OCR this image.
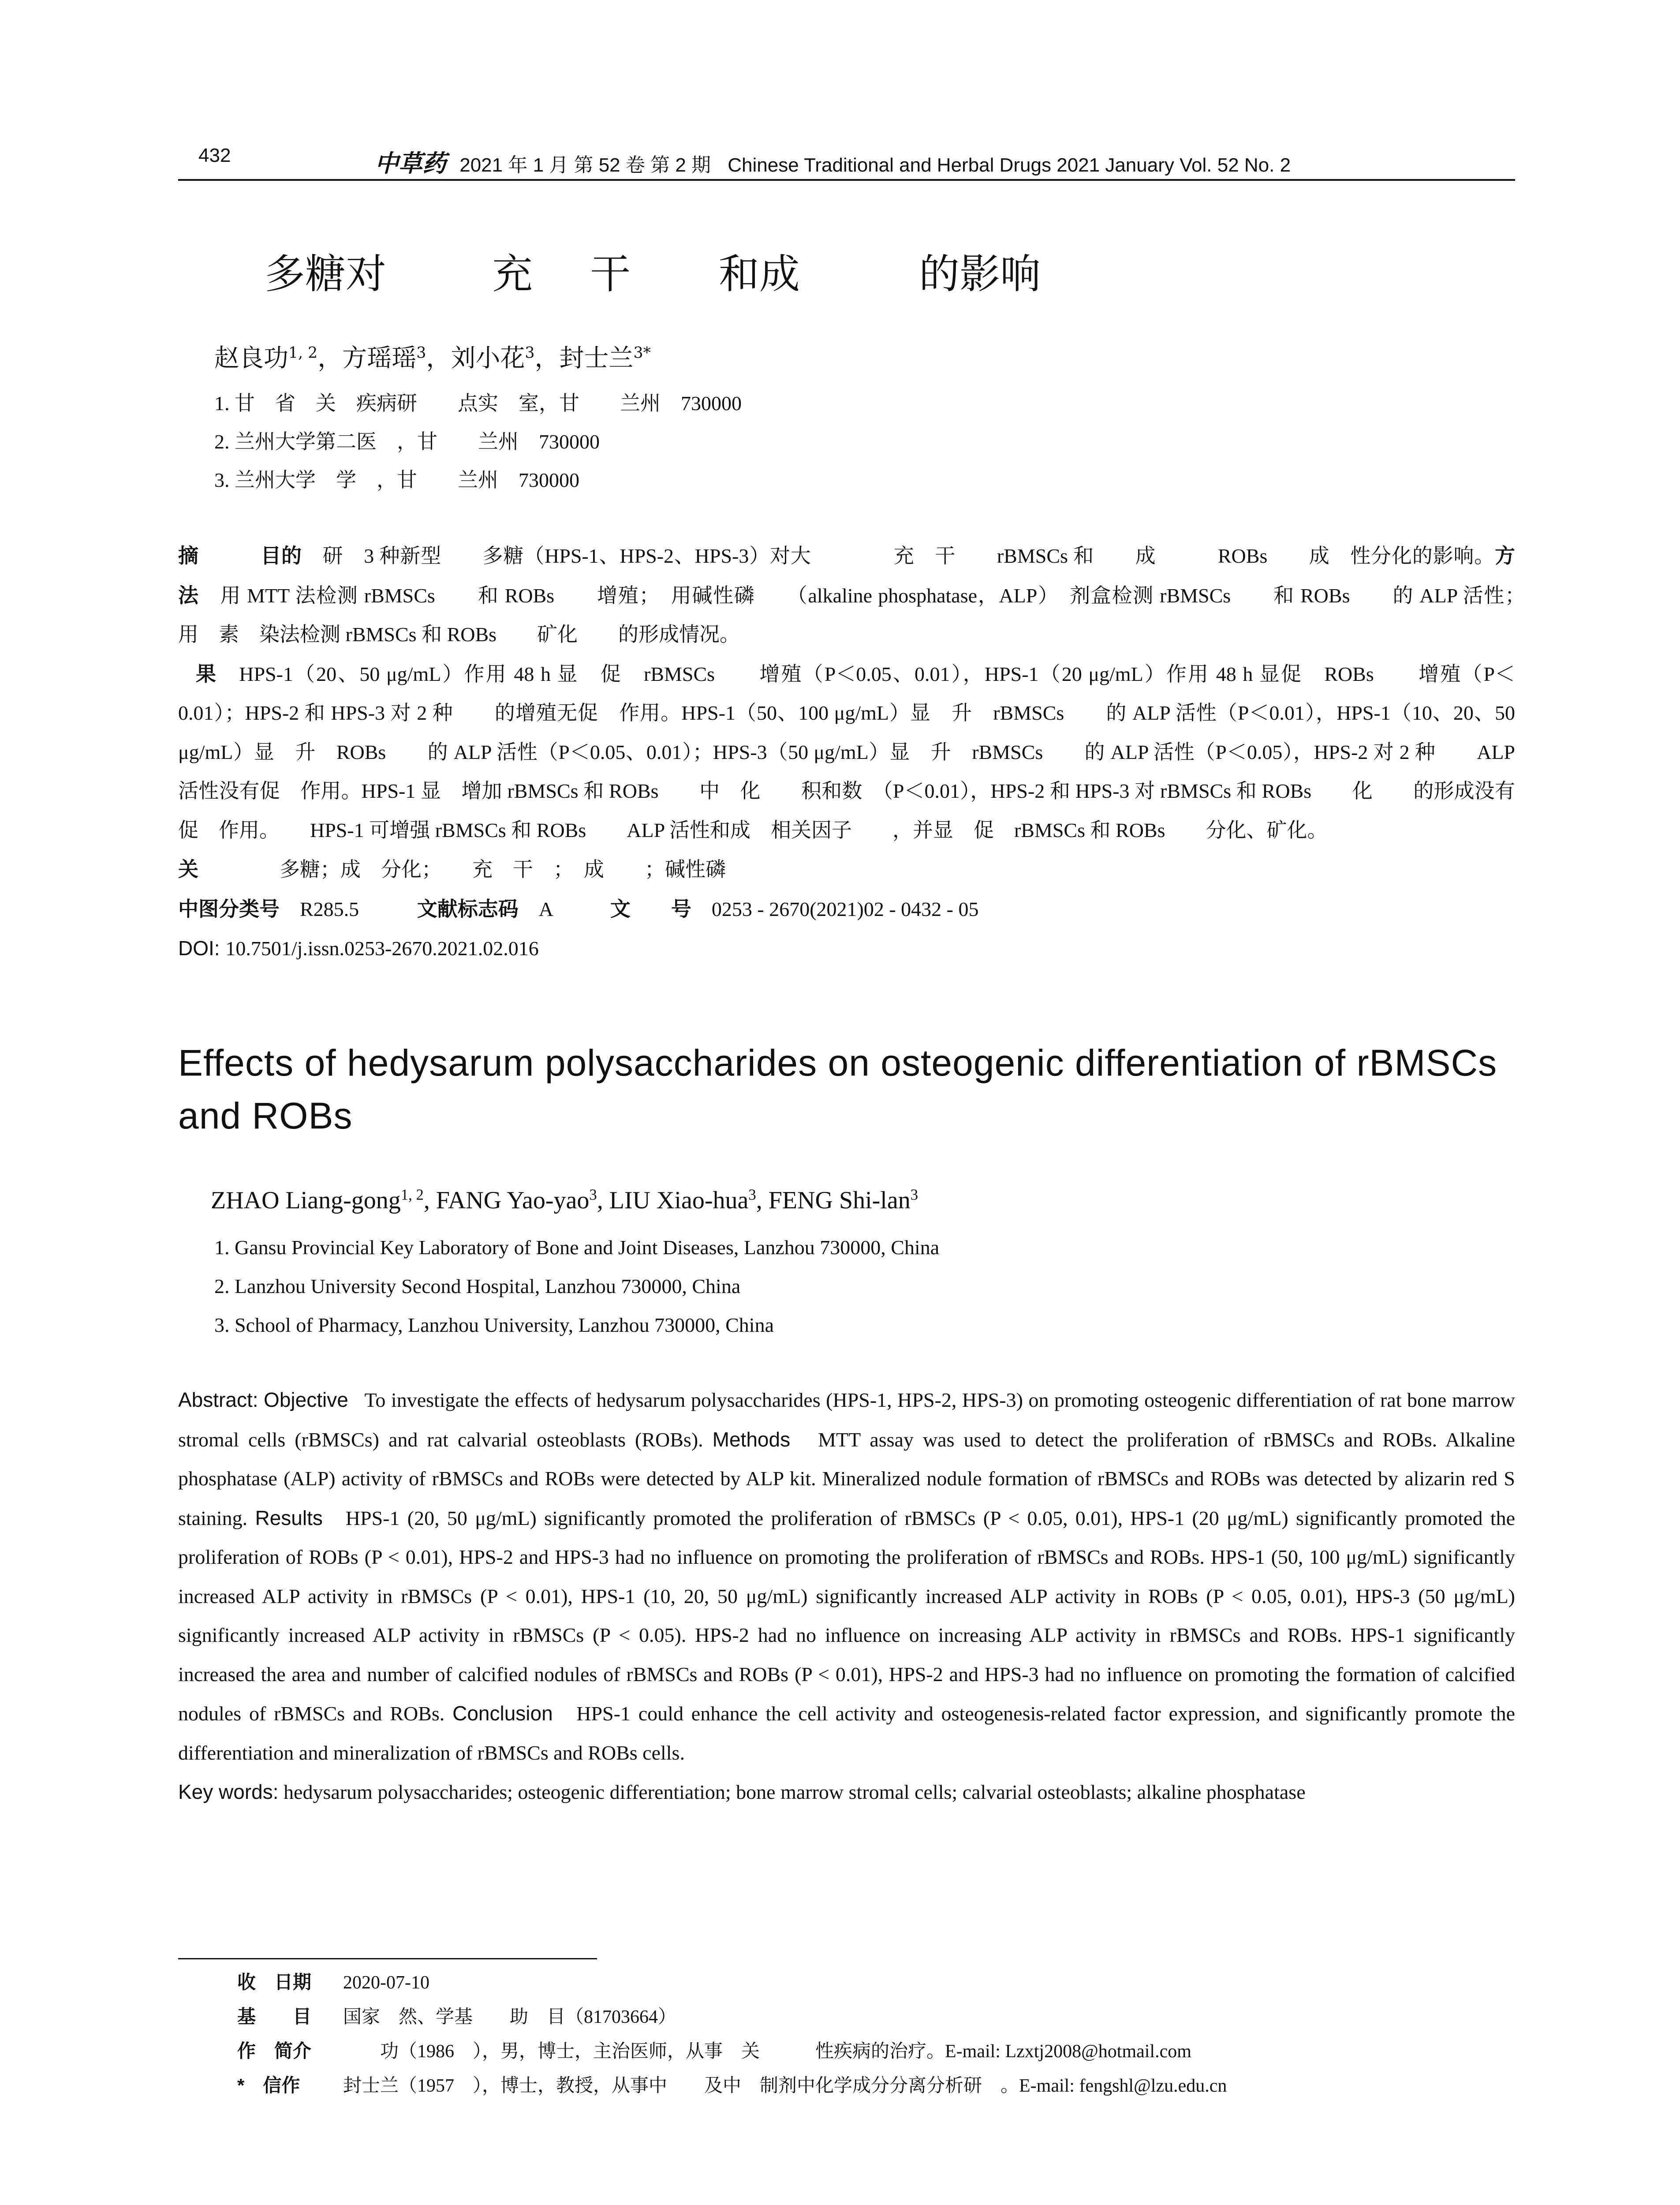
432	中草药 2021 年 1 月 第 52 卷 第 2 期 Chinese Traditional and Herbal Drugs 2021 January Vol. 52 No. 2
多糖对	充 干 和成	的影响
赵良功$^{1, 2}$，方瑶瑶$^3$，刘小花$^3$，封士兰$^{3*}$
1. 甘　省　关　疾病研　　点实　室，甘　　兰州　730000
2. 兰州大学第二医　，甘　　兰州　730000
3. 兰州大学　学　，甘　　兰州　730000
摘　　　目的　 研　3 种新型　　多糖（HPS-1、HPS-2、HPS-3）对大　　　　充　干　　rBMSCs 和　　成　　　ROBs　　成　性分化的影响。方法　用 MTT 法检测 rBMSCs　　和 ROBs　　增殖；　用碱性磷　　（alkaline phosphatase，ALP）　剂盒检测 rBMSCs　　和 ROBs　　的 ALP 活性；　用　素　染法检测 rBMSCs 和 ROBs　　矿化　　的形成情况。
果　 HPS-1（20、50 μg/mL）作用 48 h 显　促　rBMSCs　　增殖（P＜0.05、0.01），HPS-1（20 μg/mL）作用 48 h 显促　ROBs　　增殖（P＜0.01）；HPS-2 和 HPS-3 对 2 种　　的增殖无促　作用。HPS-1（50、100 μg/mL）显　升　rBMSCs　　的 ALP 活性（P＜0.01），HPS-1（10、20、50 μg/mL）显　升　ROBs　　的 ALP 活性（P＜0.05、0.01）；HPS-3（50 μg/mL）显　升　rBMSCs　　的 ALP 活性（P＜0.05），HPS-2 对 2 种　　ALP 活性没有促　作用。HPS-1 显　增加 rBMSCs 和 ROBs　　中　化　　积和数　（P＜0.01），HPS-2 和 HPS-3 对 rBMSCs 和 ROBs　　化　　的形成没有促　作用。　　HPS-1 可增强 rBMSCs 和 ROBs　　ALP 活性和成　相关因子　　，并显　促　rBMSCs 和 ROBs　　分化、矿化。
关　　　　多糖；成　分化；　　充　干　；　成　　；碱性磷
中图分类号　 R285.5	文献标志码　 A	文　　号　 0253 - 2670(2021)02 - 0432 - 05
DOI: 10.7501/j.issn.0253-2670.2021.02.016
Effects of hedysarum polysaccharides on osteogenic differentiation of rBMSCs and ROBs
ZHAO Liang-gong$^{1, 2}$, FANG Yao-yao$^3$, LIU Xiao-hua$^3$, FENG Shi-lan$^3$
1. Gansu Provincial Key Laboratory of Bone and Joint Diseases, Lanzhou 730000, China
2. Lanzhou University Second Hospital, Lanzhou 730000, China
3. School of Pharmacy, Lanzhou University, Lanzhou 730000, China
Abstract: Objective To investigate the effects of hedysarum polysaccharides (HPS-1, HPS-2, HPS-3) on promoting osteogenic differentiation of rat bone marrow stromal cells (rBMSCs) and rat calvarial osteoblasts (ROBs). Methods MTT assay was used to detect the proliferation of rBMSCs and ROBs. Alkaline phosphatase (ALP) activity of rBMSCs and ROBs were detected by ALP kit. Mineralized nodule formation of rBMSCs and ROBs was detected by alizarin red S staining. Results HPS-1 (20, 50 μg/mL) significantly promoted the proliferation of rBMSCs (P < 0.05, 0.01), HPS-1 (20 μg/mL) significantly promoted the proliferation of ROBs (P < 0.01), HPS-2 and HPS-3 had no influence on promoting the proliferation of rBMSCs and ROBs. HPS-1 (50, 100 μg/mL) significantly increased ALP activity in rBMSCs (P < 0.01), HPS-1 (10, 20, 50 μg/mL) significantly increased ALP activity in ROBs (P < 0.05, 0.01), HPS-3 (50 μg/mL) significantly increased ALP activity in rBMSCs (P < 0.05). HPS-2 had no influence on increasing ALP activity in rBMSCs and ROBs. HPS-1 significantly increased the area and number of calcified nodules of rBMSCs and ROBs (P < 0.01), HPS-2 and HPS-3 had no influence on promoting the formation of calcified nodules of rBMSCs and ROBs. Conclusion HPS-1 could enhance the cell activity and osteogenesis-related factor expression, and significantly promote the differentiation and mineralization of rBMSCs and ROBs cells.
Key words: hedysarum polysaccharides; osteogenic differentiation; bone marrow stromal cells; calvarial osteoblasts; alkaline phosphatase
收　日期 2020-07-10
基　　目 国家　然、学基　　助　目（81703664）
作　简介　　功（1986　），男，博士，主治医师，从事　关　　　性疾病的治疗。E-mail: Lzxtj2008@hotmail.com
*　信作 封士兰（1957　），博士，教授，从事中　　及中　制剂中化学成分分离分析研　。E-mail: fengshl@lzu.edu.cn
